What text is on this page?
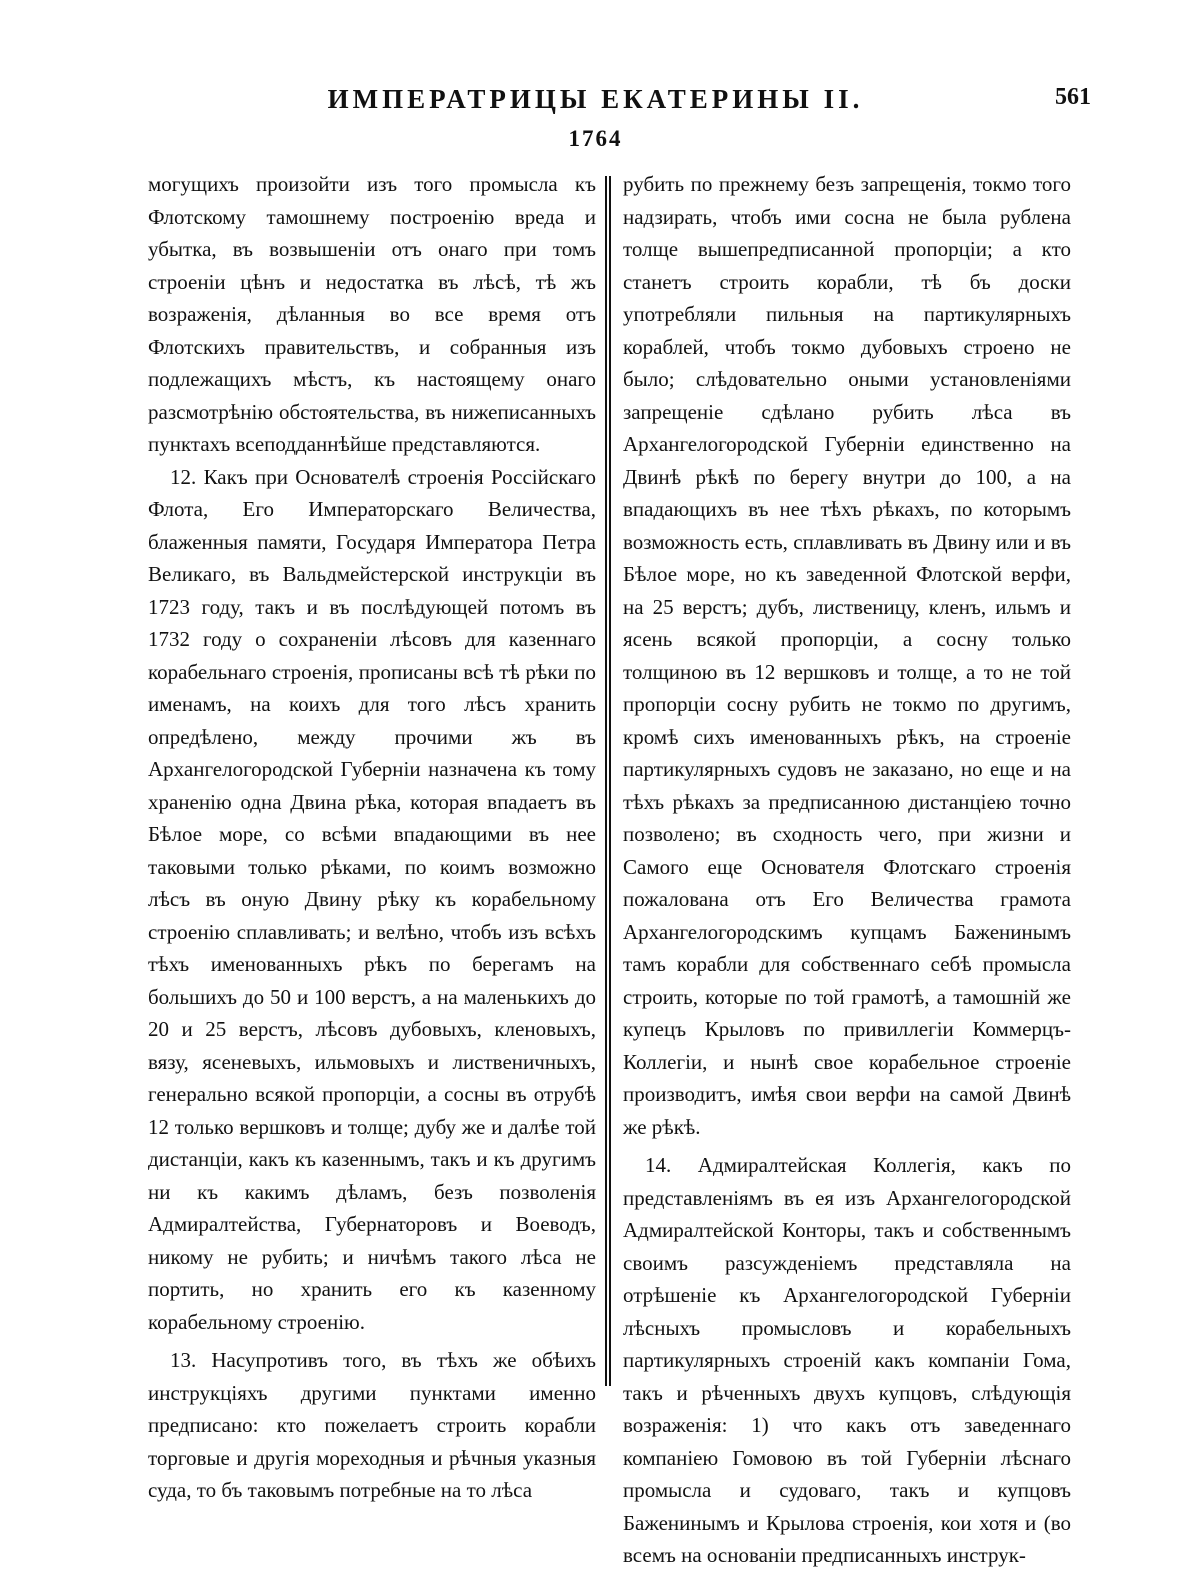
ИМПЕРАТРИЦЫ ЕКАТЕРИНЫ II.	561
1764

могущихъ произойти изъ того промысла къ Флотскому тамошнему построенію вреда и убытка, въ возвышеніи отъ онаго при томъ строеніи цѣнъ и недостатка въ лѣсѣ, тѣ жъ возраженія, дѣланныя во все время отъ Флотскихъ правительствъ, и собранныя изъ подлежащихъ мѣстъ, къ настоящему онаго разсмотрѣнію обстоятельства, въ нижеписанныхъ пунктахъ всеподданнѣйше представляются.

12. Какъ при Основателѣ строенія Россійскаго Флота, Его Императорскаго Величества, блаженныя памяти, Государя Императора Петра Великаго, въ Вальдмейстерской инструкціи въ 1723 году, такъ и въ послѣдующей потомъ въ 1732 году о сохраненіи лѣсовъ для казеннаго корабельнаго строенія, прописаны всѣ тѣ рѣки по именамъ, на коихъ для того лѣсъ хранить опредѣлено, между прочими жъ въ Архангелогородской Губерніи назначена къ тому храненію одна Двина рѣка, которая впадаетъ въ Бѣлое море, со всѣми впадающими въ нее таковыми только рѣками, по коимъ возможно лѣсъ въ оную Двину рѣку къ корабельному строенію сплавливать; и велѣно, чтобъ изъ всѣхъ тѣхъ именованныхъ рѣкъ по берегамъ на большихъ до 50 и 100 верстъ, а на маленькихъ до 20 и 25 верстъ, лѣсовъ дубовыхъ, кленовыхъ, вязу, ясеневыхъ, ильмовыхъ и лиственичныхъ, генерально всякой пропорціи, а сосны въ отрубѣ 12 только вершковъ и толще; дубу же и далѣе той дистанціи, какъ къ казеннымъ, такъ и къ другимъ ни къ какимъ дѣламъ, безъ позволенія Адмиралтейства, Губернаторовъ и Воеводъ, никому не рубить; и ничѣмъ такого лѣса не портить, но хранить его къ казенному корабельному строенію.

13. Насупротивъ того, въ тѣхъ же обѣихъ инструкціяхъ другими пунктами именно предписано: кто пожелаетъ строить корабли торговые и другія мореходныя и рѣчныя указныя суда, то бъ таковымъ потребные на то лѣса

рубить по прежнему безъ запрещенія, токмо того надзирать, чтобъ ими сосна не была рублена толще вышепредписанной пропорціи; а кто станетъ строить корабли, тѣ бъ доски употребляли пильныя на партикулярныхъ кораблей, чтобъ токмо дубовыхъ строено не было; слѣдовательно оными установленіями запрещеніе сдѣлано рубить лѣса въ Архангелогородской Губерніи единственно на Двинѣ рѣкѣ по берегу внутри до 100, а на впадающихъ въ нее тѣхъ рѣкахъ, по которымъ возможность есть, сплавливать въ Двину или и въ Бѣлое море, но къ заведенной Флотской верфи, на 25 верстъ; дубъ, лиственицу, кленъ, ильмъ и ясень всякой пропорціи, а сосну только толщиною въ 12 вершковъ и толще, а то не той пропорціи сосну рубить не токмо по другимъ, кромѣ сихъ именованныхъ рѣкъ, на строеніе партикулярныхъ судовъ не заказано, но еще и на тѣхъ рѣкахъ за предписанною дистанціею точно позволено; въ сходность чего, при жизни и Самого еще Основателя Флотскаго строенія пожалована отъ Его Величества грамота Архангелогородскимъ купцамъ Баженинымъ тамъ корабли для собственнаго себѣ промысла строить, которые по той грамотѣ, а тамошній же купецъ Крыловъ по привиллегіи Коммерцъ-Коллегіи, и нынѣ свое корабельное строеніе производитъ, имѣя свои верфи на самой Двинѣ же рѣкѣ.

14. Адмиралтейская Коллегія, какъ по представленіямъ въ ея изъ Архангелогородской Адмиралтейской Конторы, такъ и собственнымъ своимъ разсужденіемъ представляла на отрѣшеніе къ Архангелогородской Губерніи лѣсныхъ промысловъ и корабельныхъ партикулярныхъ строеній какъ компаніи Гома, такъ и рѣченныхъ двухъ купцовъ, слѣдующія возраженія: 1) что какъ отъ заведеннаго компаніею Гомовою въ той Губерніи лѣснаго промысла и судоваго, такъ и купцовъ Баженинымъ и Крылова строенія, кои хотя и (во всемъ на основаніи предписанныхъ инструк-
